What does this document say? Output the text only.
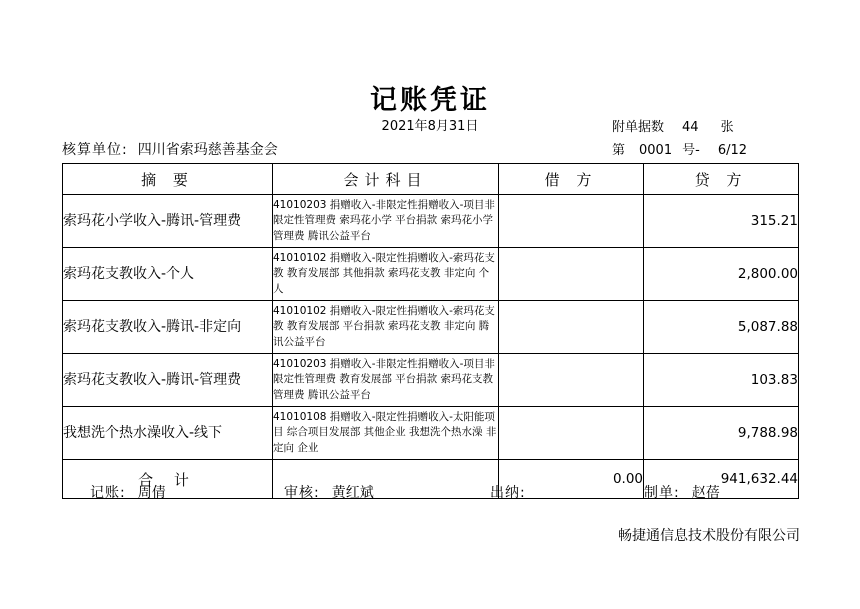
记账凭证
2021年8月31日	附单据数 44 张
核算单位: 四川省索玛慈善基金会	第 0001 号- 6/12
摘 要	会计科目	借 方	贷 方
索玛花小学收入-腾讯-管理费	41010203 捐赠收入-非限定性捐赠收入-项目非限定性管理费 索玛花小学 平台捐款 索玛花小学 管理费 腾讯公益平台		315.21
索玛花支教收入-个人	41010102 捐赠收入-限定性捐赠收入-索玛花支教 教育发展部 其他捐款 索玛花支教 非定向 个人		2,800.00
索玛花支教收入-腾讯-非定向	41010102 捐赠收入-限定性捐赠收入-索玛花支教 教育发展部 平台捐款 索玛花支教 非定向 腾讯公益平台		5,087.88
索玛花支教收入-腾讯-管理费	41010203 捐赠收入-非限定性捐赠收入-项目非限定性管理费 教育发展部 平台捐款 索玛花支教 管理费 腾讯公益平台		103.83
我想洗个热水澡收入-线下	41010108 捐赠收入-限定性捐赠收入-太阳能项目 综合项目发展部 其他企业 我想洗个热水澡 非定向 企业		9,788.98
合 计		0.00	941,632.44
记账: 周倩	审核: 黄红斌	出纳:	制单: 赵蓓
畅捷通信息技术股份有限公司
